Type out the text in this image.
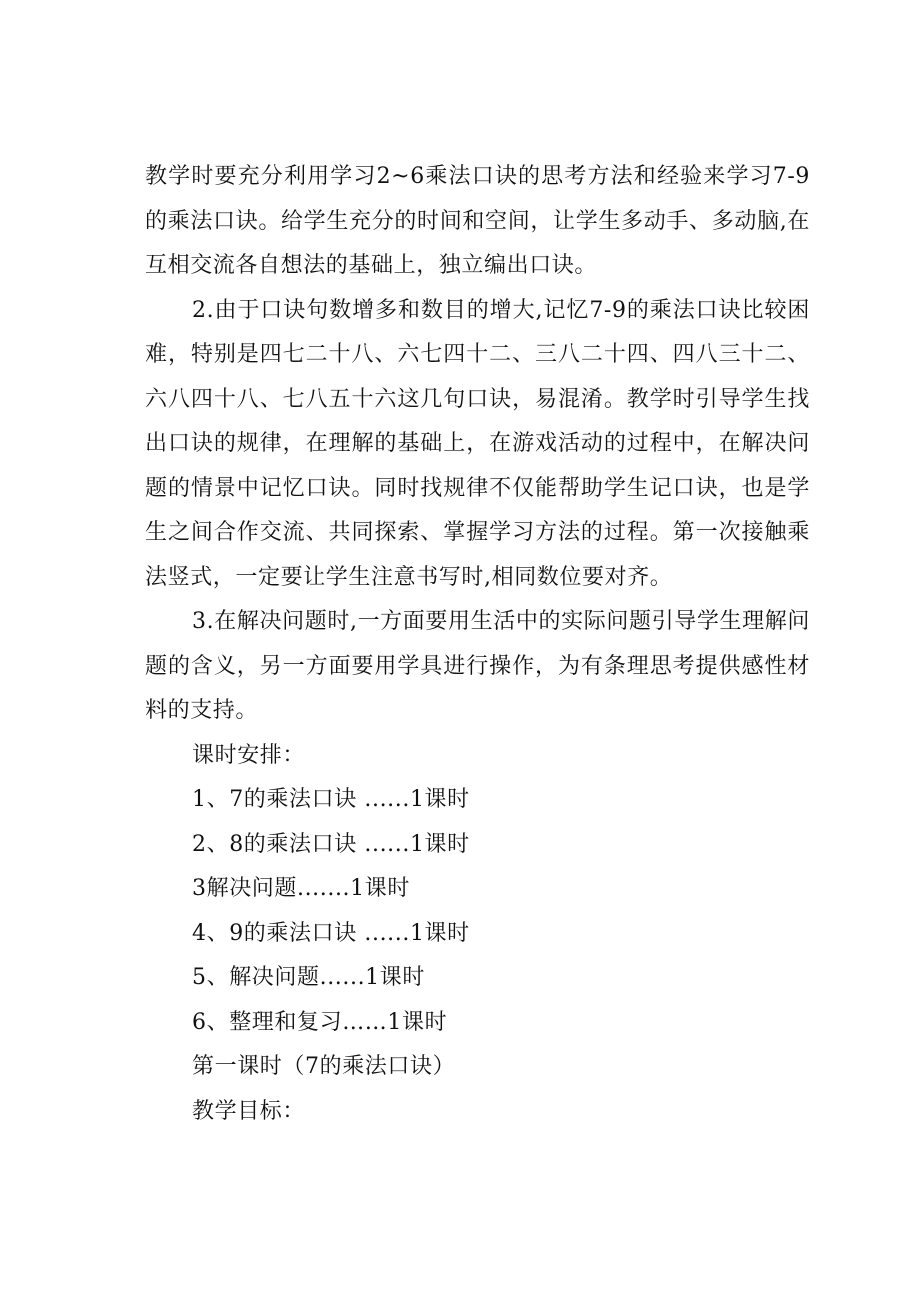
教学时要充分利用学习2~6乘法口诀的思考方法和经验来学习7-9的乘法口诀。给学生充分的时间和空间，让学生多动手、多动脑,在互相交流各自想法的基础上，独立编出口诀。

2.由于口诀句数增多和数目的增大,记忆7-9的乘法口诀比较困难，特别是四七二十八、六七四十二、三八二十四、四八三十二、六八四十八、七八五十六这几句口诀，易混淆。教学时引导学生找出口诀的规律，在理解的基础上，在游戏活动的过程中，在解决问题的情景中记忆口诀。同时找规律不仅能帮助学生记口诀，也是学生之间合作交流、共同探索、掌握学习方法的过程。第一次接触乘法竖式，一定要让学生注意书写时,相同数位要对齐。

3.在解决问题时,一方面要用生活中的实际问题引导学生理解问题的含义，另一方面要用学具进行操作，为有条理思考提供感性材料的支持。

课时安排：
1、7的乘法口诀 ......1课时
2、8的乘法口诀 ......1课时
3解决问题.......1课时
4、9的乘法口诀 ......1课时
5、解决问题......1课时
6、整理和复习……1课时
第一课时（7的乘法口诀）
教学目标：
